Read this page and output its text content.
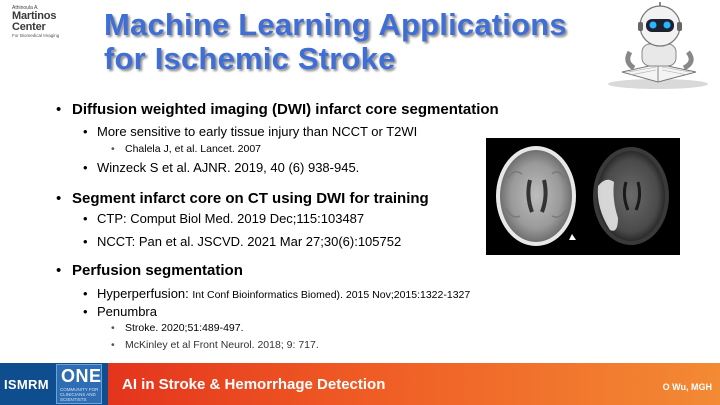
Athinoula A.
Martinos
Center
For Biomedical Imaging	Machine Learning Applications
for Ischemic Stroke
• Diffusion weighted imaging (DWI) infarct core segmentation
• More sensitive to early tissue injury than NCCT or T2WI
• Chalela J, et al. Lancet. 2007
• Winzeck S et al. AJNR. 2019, 40 (6) 938-945.
• Segment infarct core on CT using DWI for training
• CTP: Comput Biol Med. 2019 Dec;115:103487
• NCCT: Pan et al. JSCVD. 2021 Mar 27;30(6):105752
• Perfusion segmentation
• Hyperperfusion: Int Conf Bioinformatics Biomed). 2015 Nov;2015:1322-1327
• Penumbra
• Stroke. 2020;51:489-497.
• McKinley et al Front Neurol. 2018; 9: 717.
ISMRM ONE
COMMUNITY FOR CLINICIANS AND SCIENTISTS
AI in Stroke & Hemorrhage Detection	O Wu, MGH
